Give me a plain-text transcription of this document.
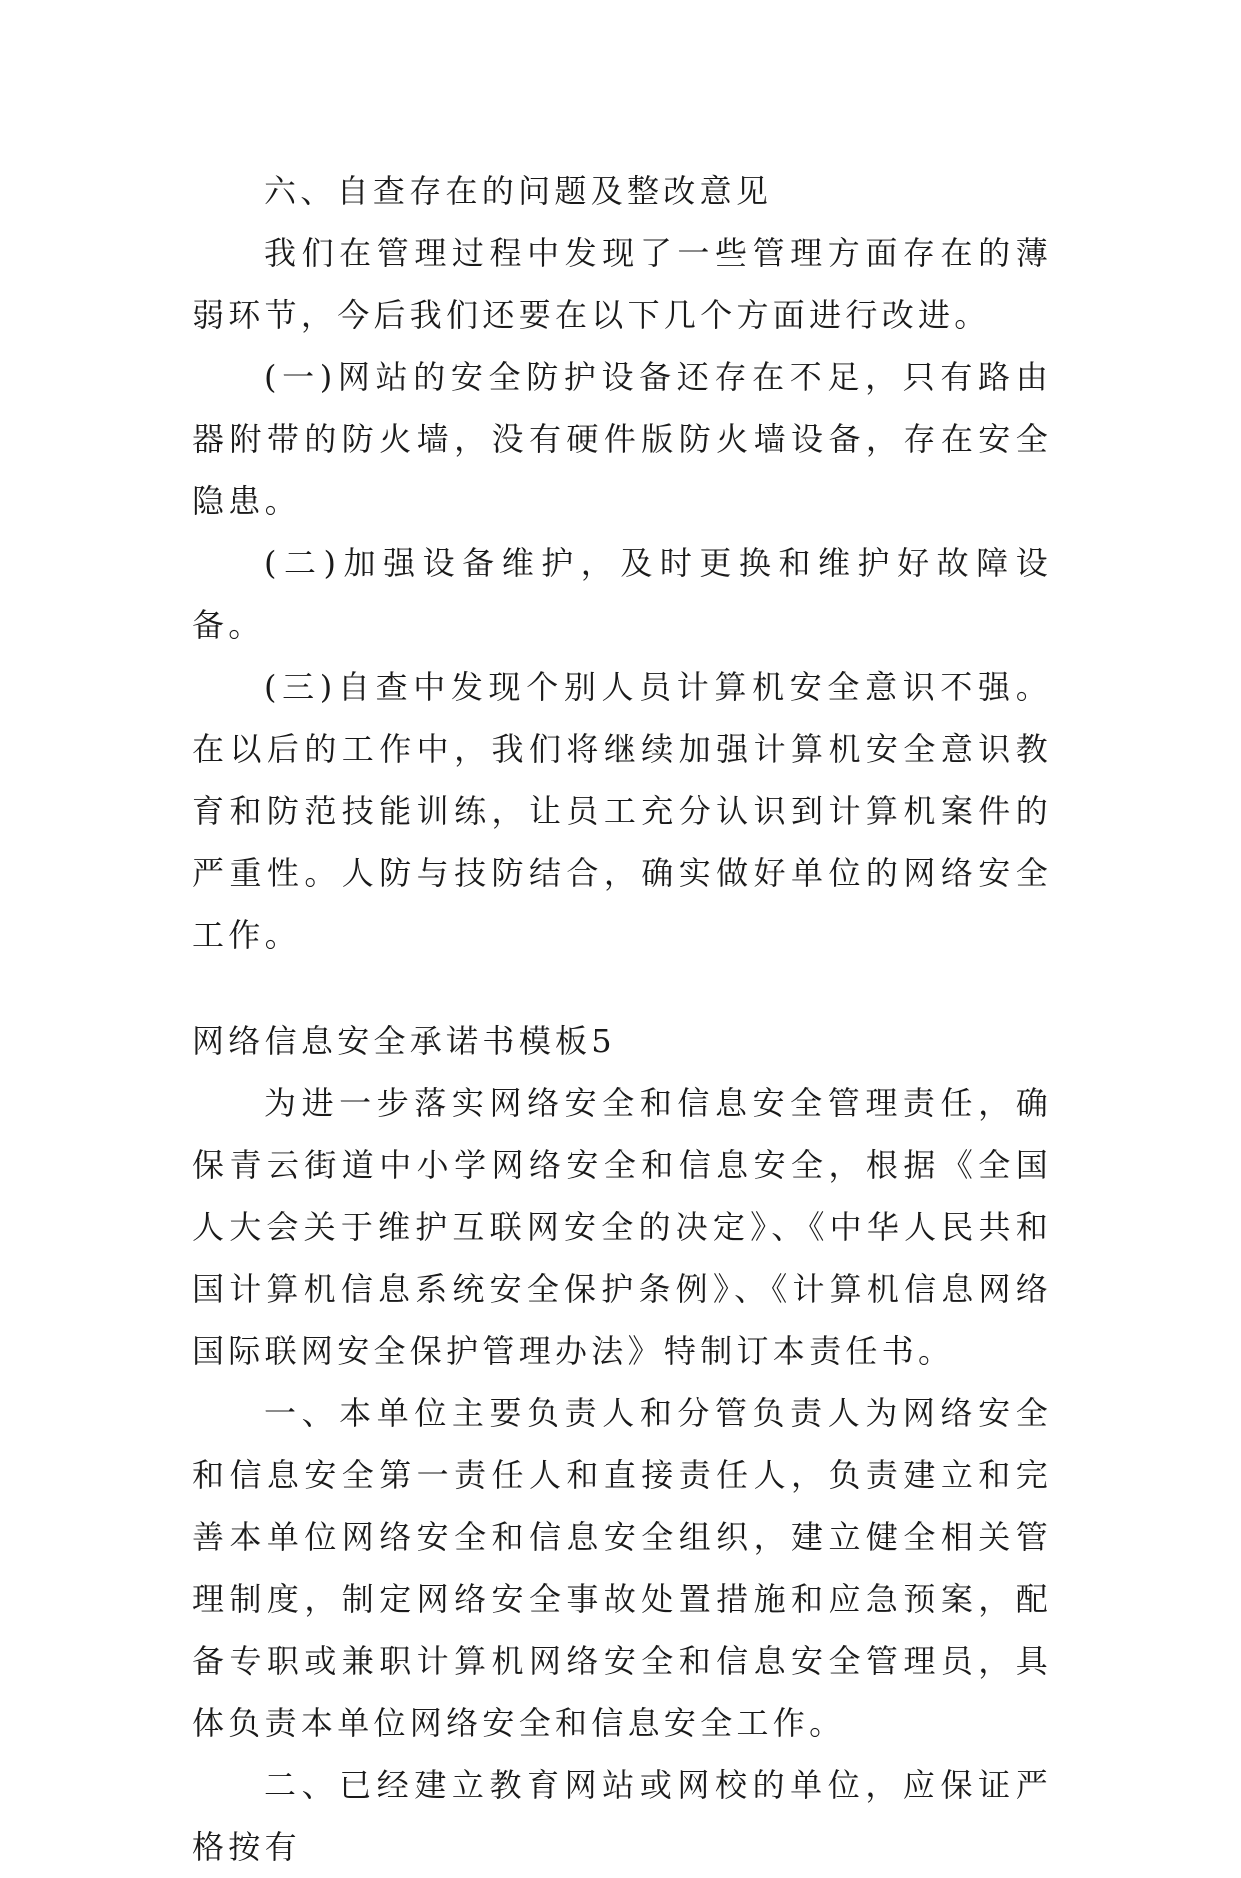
六、自查存在的问题及整改意见

我们在管理过程中发现了一些管理方面存在的薄弱环节，今后我们还要在以下几个方面进行改进。

(一)网站的安全防护设备还存在不足，只有路由器附带的防火墙，没有硬件版防火墙设备，存在安全隐患。

(二)加强设备维护，及时更换和维护好故障设备。

(三)自查中发现个别人员计算机安全意识不强。在以后的工作中，我们将继续加强计算机安全意识教育和防范技能训练，让员工充分认识到计算机案件的严重性。人防与技防结合，确实做好单位的网络安全工作。

网络信息安全承诺书模板5

为进一步落实网络安全和信息安全管理责任，确保青云街道中小学网络安全和信息安全，根据《全国人大会关于维护互联网安全的决定》、《中华人民共和国计算机信息系统安全保护条例》、《计算机信息网络国际联网安全保护管理办法》特制订本责任书。

一、本单位主要负责人和分管负责人为网络安全和信息安全第一责任人和直接责任人，负责建立和完善本单位网络安全和信息安全组织，建立健全相关管理制度，制定网络安全事故处置措施和应急预案，配备专职或兼职计算机网络安全和信息安全管理员，具体负责本单位网络安全和信息安全工作。

二、已经建立教育网站或网校的单位，应保证严格按有
